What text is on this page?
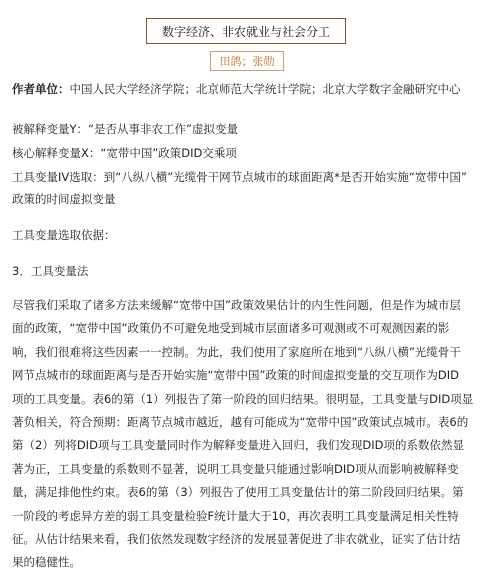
数字经济、非农就业与社会分工
田鸽；张勋
作者单位：中国人民大学经济学院；北京师范大学统计学院；北京大学数字金融研究中心
被解释变量Y：“是否从事非农工作”虚拟变量
核心解释变量X：“宽带中国”政策DID交乘项
工具变量IV选取：到“八纵八横”光缆骨干网节点城市的球面距离*是否开始实施“宽带中国”
政策的时间虚拟变量
工具变量选取依据：
3．工具变量法
尽管我们采取了诸多方法来缓解“宽带中国”政策效果估计的内生性问题，但是作为城市层
面的政策，“宽带中国”政策仍不可避免地受到城市层面诸多可观测或不可观测因素的影
响，我们很难将这些因素一一控制。为此，我们使用了家庭所在地到“八纵八横”光缆骨干
网节点城市的球面距离与是否开始实施“宽带中国”政策的时间虚拟变量的交互项作为DID
项的工具变量。表6的第（1）列报告了第一阶段的回归结果。很明显，工具变量与DID项显
著负相关，符合预期：距离节点城市越近，越有可能成为“宽带中国”政策试点城市。表6的
第（2）列将DID项与工具变量同时作为解释变量进入回归，我们发现DID项的系数依然显
著为正，工具变量的系数则不显著，说明工具变量只能通过影响DID项从而影响被解释变
量，满足排他性约束。表6的第（3）列报告了使用工具变量估计的第二阶段回归结果。第
一阶段的考虑异方差的弱工具变量检验F统计量大于10，再次表明工具变量满足相关性特
征。从估计结果来看，我们依然发现数字经济的发展显著促进了非农就业，证实了估计结
果的稳健性。
